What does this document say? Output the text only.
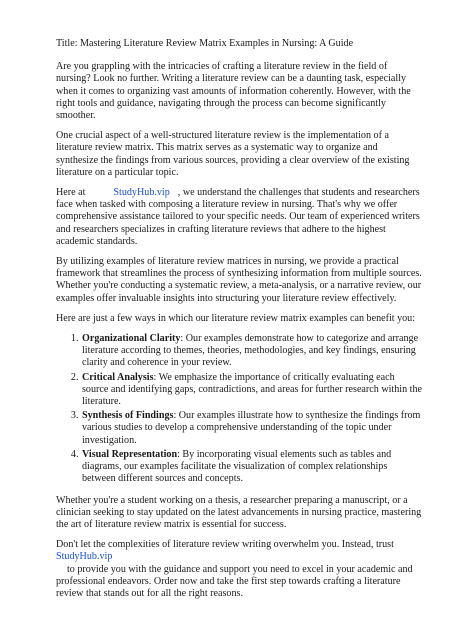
Title: Mastering Literature Review Matrix Examples in Nursing: A Guide

Are you grappling with the intricacies of crafting a literature review in the field of nursing? Look no further. Writing a literature review can be a daunting task, especially when it comes to organizing vast amounts of information coherently. However, with the right tools and guidance, navigating through the process can become significantly smoother.

One crucial aspect of a well-structured literature review is the implementation of a literature review matrix. This matrix serves as a systematic way to organize and synthesize the findings from various sources, providing a clear overview of the existing literature on a particular topic.

Here at	StudyHub.vip , we understand the challenges that students and researchers face when tasked with composing a literature review in nursing. That's why we offer comprehensive assistance tailored to your specific needs. Our team of experienced writers and researchers specializes in crafting literature reviews that adhere to the highest academic standards.

By utilizing examples of literature review matrices in nursing, we provide a practical framework that streamlines the process of synthesizing information from multiple sources. Whether you're conducting a systematic review, a meta-analysis, or a narrative review, our examples offer invaluable insights into structuring your literature review effectively.

Here are just a few ways in which our literature review matrix examples can benefit you:

1. Organizational Clarity: Our examples demonstrate how to categorize and arrange literature according to themes, theories, methodologies, and key findings, ensuring clarity and coherence in your review.
2. Critical Analysis: We emphasize the importance of critically evaluating each source and identifying gaps, contradictions, and areas for further research within the literature.
3. Synthesis of Findings: Our examples illustrate how to synthesize the findings from various studies to develop a comprehensive understanding of the topic under investigation.
4. Visual Representation: By incorporating visual elements such as tables and diagrams, our examples facilitate the visualization of complex relationships between different sources and concepts.

Whether you're a student working on a thesis, a researcher preparing a manuscript, or a clinician seeking to stay updated on the latest advancements in nursing practice, mastering the art of literature review matrix is essential for success.

Don't let the complexities of literature review writing overwhelm you. Instead, trustStudyHub.vip
to provide you with the guidance and support you need to excel in your academic and professional endeavors. Order now and take the first step towards crafting a literature review that stands out for all the right reasons.
